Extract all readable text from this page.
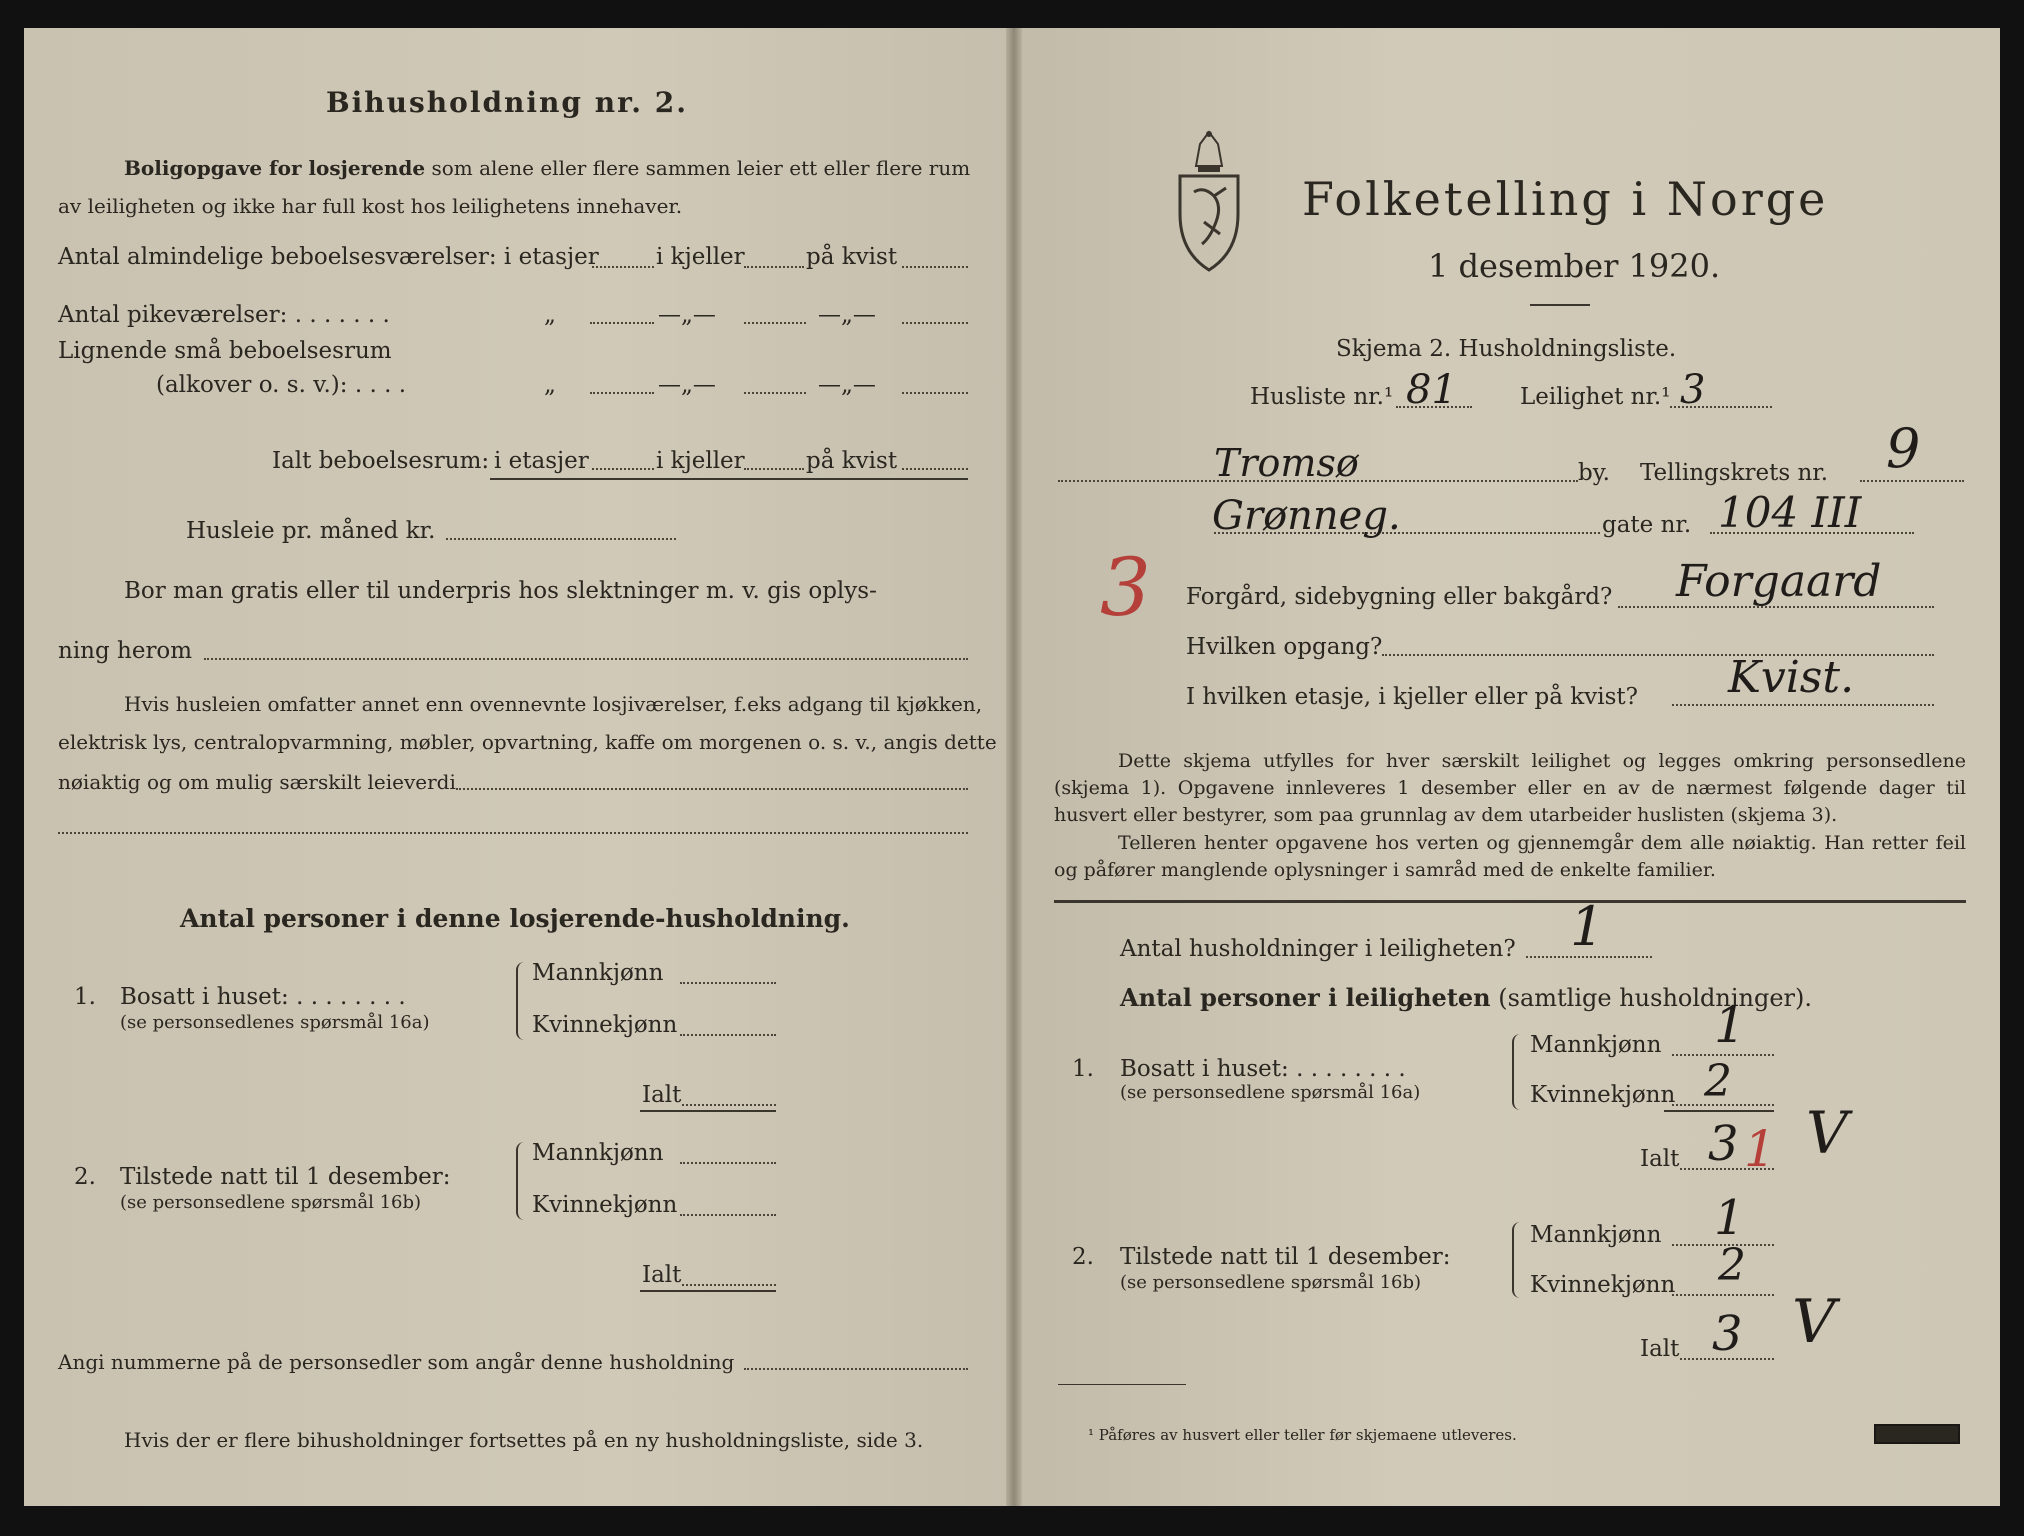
Bihusholdning nr. 2.
Boligopgave for losjerende som alene eller flere sammen leier ett eller flere rum
av leiligheten og ikke har full kost hos leilighetens innehaver.
Antal almindelige beboelsesværelser: i etasjer i kjeller	på kvist
Antal pikeværelser: . . . . . . .	„	—„—	—„—
Lignende små beboelsesrum
(alkover o. s. v.): . . . .	„	—„—	—„—
Ialt beboelsesrum: i etasjer	i kjeller	på kvist
Husleie pr. måned kr.
Bor man gratis eller til underpris hos slektninger m. v. gis oplys-
ning herom
Hvis husleien omfatter annet enn ovennevnte losjiværelser, f.eks adgang til kjøkken,
elektrisk lys, centralopvarmning, møbler, opvartning, kaffe om morgenen o. s. v., angis dette
nøiaktig og om mulig særskilt leieverdi
Antal personer i denne losjerende-husholdning.
1. Bosatt i huset: . . . . . . . .
(se personsedlenes spørsmål 16a)
Mannkjønn
Kvinnekjønn
Ialt
2. Tilstede natt til 1 desember:
(se personsedlene spørsmål 16b)
Mannkjønn
Kvinnekjønn
Ialt
Angi nummerne på de personsedler som angår denne husholdning
Hvis der er flere bihusholdninger fortsettes på en ny husholdningsliste, side 3.
Folketelling i Norge
1 desember 1920.
Skjema 2. Husholdningsliste.
Husliste nr.¹ 81	Leilighet nr.¹ 3
Tromsø	by. Tellingskrets nr. 9
Grønneg.	gate nr. 104 III
3 Forgård, sidebygning eller bakgård? Forgaard
Hvilken opgang?
I hvilken etasje, i kjeller eller på kvist? Kvist.
Dette skjema utfylles for hver særskilt leilighet og legges omkring personsedlene (skjema 1). Opgavene innleveres 1 desember eller en av de nærmest følgende dager til husvert eller bestyrer, som paa grunnlag av dem utarbeider huslisten (skjema 3).
Telleren henter opgavene hos verten og gjennemgår dem alle nøiaktig. Han retter feil og påfører manglende oplysninger i samråd med de enkelte familier.
Antal husholdninger i leiligheten? 1
Antal personer i leiligheten (samtlige husholdninger).
1. Bosatt i huset: . . . . . . . .
(se personsedlene spørsmål 16a)
Mannkjønn 1
Kvinnekjønn 2
Ialt 3 1 V
2. Tilstede natt til 1 desember:
(se personsedlene spørsmål 16b)
Mannkjønn 1
Kvinnekjønn 2
Ialt 3 V
¹ Påføres av husvert eller teller før skjemaene utleveres.
